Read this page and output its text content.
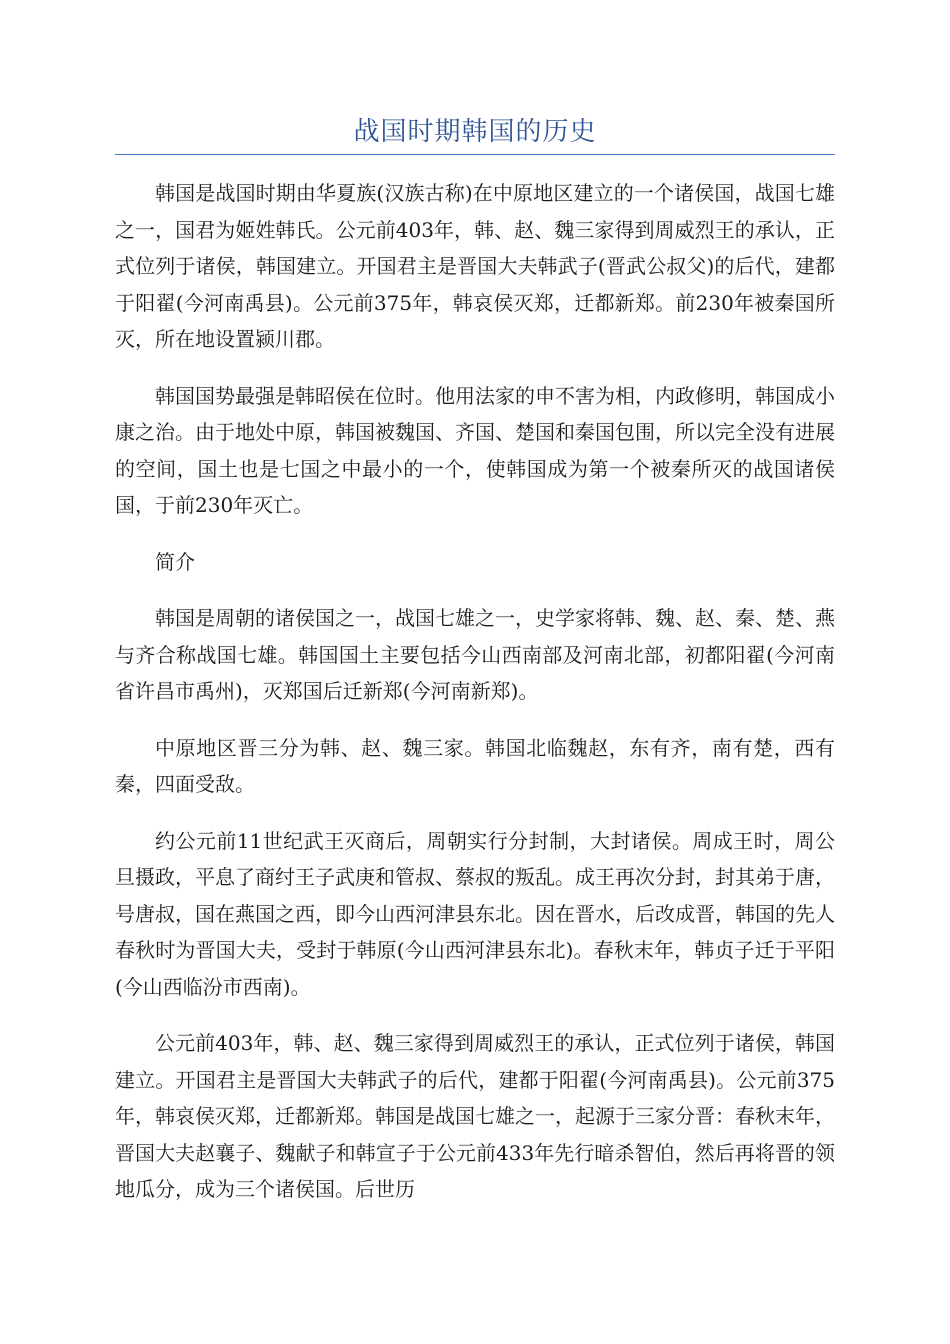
战国时期韩国的历史

韩国是战国时期由华夏族(汉族古称)在中原地区建立的一个诸侯国，战国七雄之一，国君为姬姓韩氏。公元前403年，韩、赵、魏三家得到周威烈王的承认，正式位列于诸侯，韩国建立。开国君主是晋国大夫韩武子(晋武公叔父)的后代，建都于阳翟(今河南禹县)。公元前375年，韩哀侯灭郑，迁都新郑。前230年被秦国所灭，所在地设置颍川郡。

韩国国势最强是韩昭侯在位时。他用法家的申不害为相，内政修明，韩国成小康之治。由于地处中原，韩国被魏国、齐国、楚国和秦国包围，所以完全没有进展的空间，国土也是七国之中最小的一个，使韩国成为第一个被秦所灭的战国诸侯国，于前230年灭亡。

简介

韩国是周朝的诸侯国之一，战国七雄之一，史学家将韩、魏、赵、秦、楚、燕与齐合称战国七雄。韩国国土主要包括今山西南部及河南北部，初都阳翟(今河南省许昌市禹州)，灭郑国后迁新郑(今河南新郑)。

中原地区晋三分为韩、赵、魏三家。韩国北临魏赵，东有齐，南有楚，西有秦，四面受敌。

约公元前11世纪武王灭商后，周朝实行分封制，大封诸侯。周成王时，周公旦摄政，平息了商纣王子武庚和管叔、蔡叔的叛乱。成王再次分封，封其弟于唐，号唐叔，国在燕国之西，即今山西河津县东北。因在晋水，后改成晋，韩国的先人春秋时为晋国大夫，受封于韩原(今山西河津县东北)。春秋末年，韩贞子迁于平阳(今山西临汾市西南)。

公元前403年，韩、赵、魏三家得到周威烈王的承认，正式位列于诸侯，韩国建立。开国君主是晋国大夫韩武子的后代，建都于阳翟(今河南禹县)。公元前375年，韩哀侯灭郑，迁都新郑。韩国是战国七雄之一，起源于三家分晋：春秋末年，晋国大夫赵襄子、魏献子和韩宣子于公元前433年先行暗杀智伯，然后再将晋的领地瓜分，成为三个诸侯国。后世历
